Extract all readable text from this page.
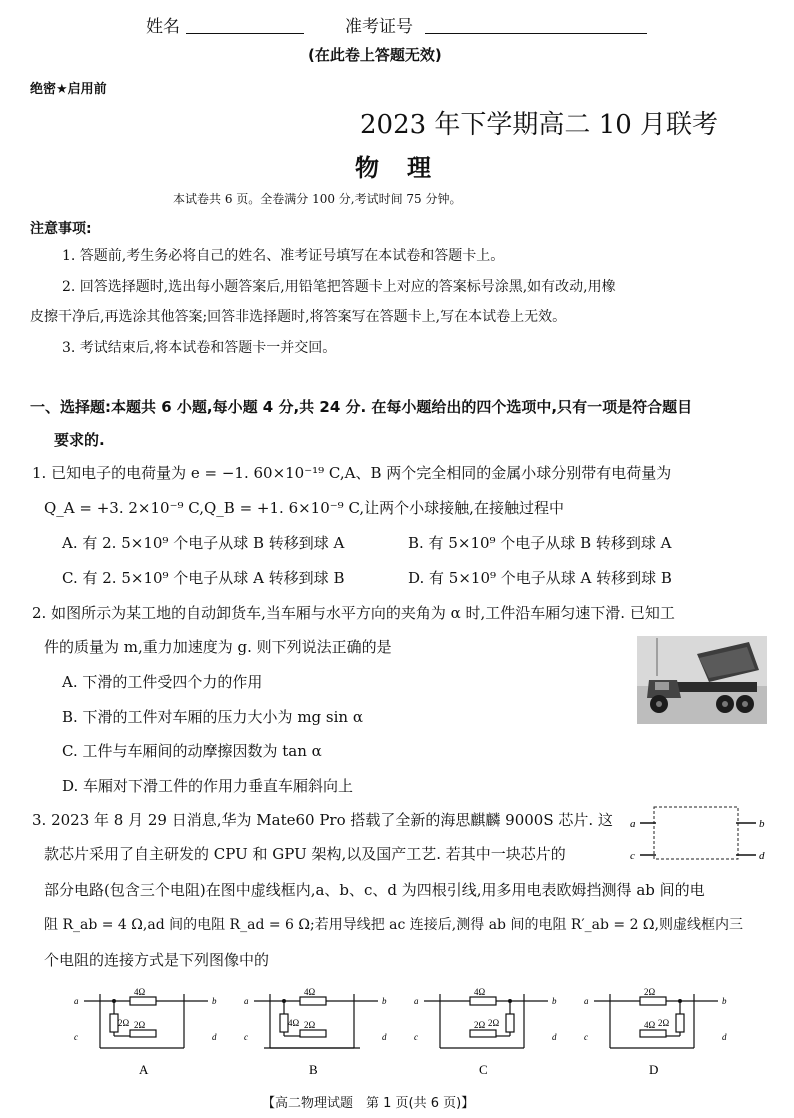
姓名	准考证号
(在此卷上答题无效)
绝密★启用前
2023 年下学期高二 10 月联考
物　理
本试卷共 6 页。全卷满分 100 分,考试时间 75 分钟。
注意事项:
1. 答题前,考生务必将自己的姓名、准考证号填写在本试卷和答题卡上。
2. 回答选择题时,选出每小题答案后,用铅笔把答题卡上对应的答案标号涂黑,如有改动,用橡
皮擦干净后,再选涂其他答案;回答非选择题时,将答案写在答题卡上,写在本试卷上无效。
3. 考试结束后,将本试卷和答题卡一并交回。
一、选择题:本题共 6 小题,每小题 4 分,共 24 分. 在每小题给出的四个选项中,只有一项是符合题目
要求的.
1. 已知电子的电荷量为 e = −1. 60×10⁻¹⁹ C,A、B 两个完全相同的金属小球分别带有电荷量为
Q_A = +3. 2×10⁻⁹ C,Q_B = +1. 6×10⁻⁹ C,让两个小球接触,在接触过程中
A. 有 2. 5×10⁹ 个电子从球 B 转移到球 A	B. 有 5×10⁹ 个电子从球 B 转移到球 A
C. 有 2. 5×10⁹ 个电子从球 A 转移到球 B	D. 有 5×10⁹ 个电子从球 A 转移到球 B
2. 如图所示为某工地的自动卸货车,当车厢与水平方向的夹角为 α 时,工件沿车厢匀速下滑. 已知工
件的质量为 m,重力加速度为 g. 则下列说法正确的是
A. 下滑的工件受四个力的作用
B. 下滑的工件对车厢的压力大小为 mg sin α
C. 工件与车厢间的动摩擦因数为 tan α
D. 车厢对下滑工件的作用力垂直车厢斜向上
3. 2023 年 8 月 29 日消息,华为 Mate60 Pro 搭载了全新的海思麒麟 9000S 芯片. 这
款芯片采用了自主研发的 CPU 和 GPU 架构,以及国产工艺. 若其中一块芯片的
部分电路(包含三个电阻)在图中虚线框内,a、b、c、d 为四根引线,用多用电表欧姆挡测得 ab 间的电
阻 R_ab = 4 Ω,ad 间的电阻 R_ad = 6 Ω;若用导线把 ac 连接后,测得 ab 间的电阻 R′_ab = 2 Ω,则虚线框内三
个电阻的连接方式是下列图像中的
a	b
c	d
a	b
c	d
4Ω
2Ω 2Ω
A
a	b
c	d
4Ω
4Ω 2Ω
B
a	b
c	d
4Ω
2Ω
2Ω
C
a	b
c	d
2Ω
2Ω
4Ω
D
【高二物理试题　第 1 页(共 6 页)】
